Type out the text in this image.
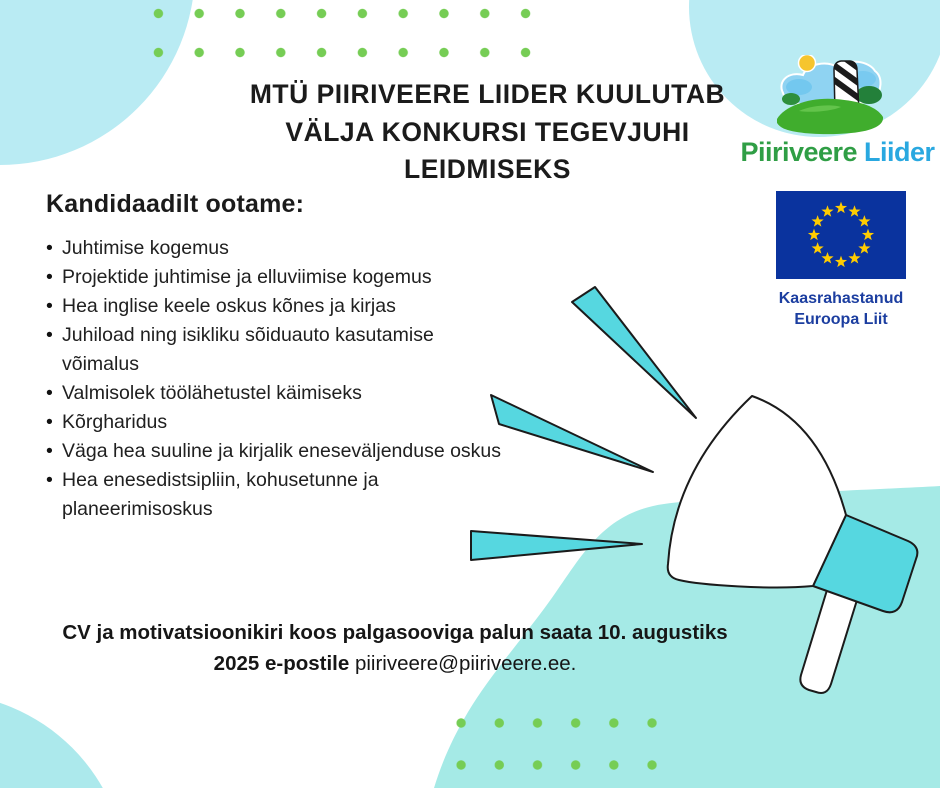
MTÜ PIIRIVEERE LIIDER KUULUTAB
VÄLJA KONKURSI TEGEVJUHI
LEIDMISEKS
Piiriveere Liider
Kaasrahastanud
Euroopa Liit
Kandidaadilt ootame:
• Juhtimise kogemus
• Projektide juhtimise ja elluviimise kogemus
• Hea inglise keele oskus kõnes ja kirjas
• Juhiload ning isikliku sõiduauto kasutamise võimalus
• Valmisolek töölähetustel käimiseks
• Kõrgharidus
• Väga hea suuline ja kirjalik eneseväljenduse oskus
• Hea enesedistsipliin, kohusetunne ja planeerimisoskus
CV ja motivatsioonikiri koos palgasooviga palun saata 10. augustiks
2025 e-postile piiriveere@piiriveere.ee.
